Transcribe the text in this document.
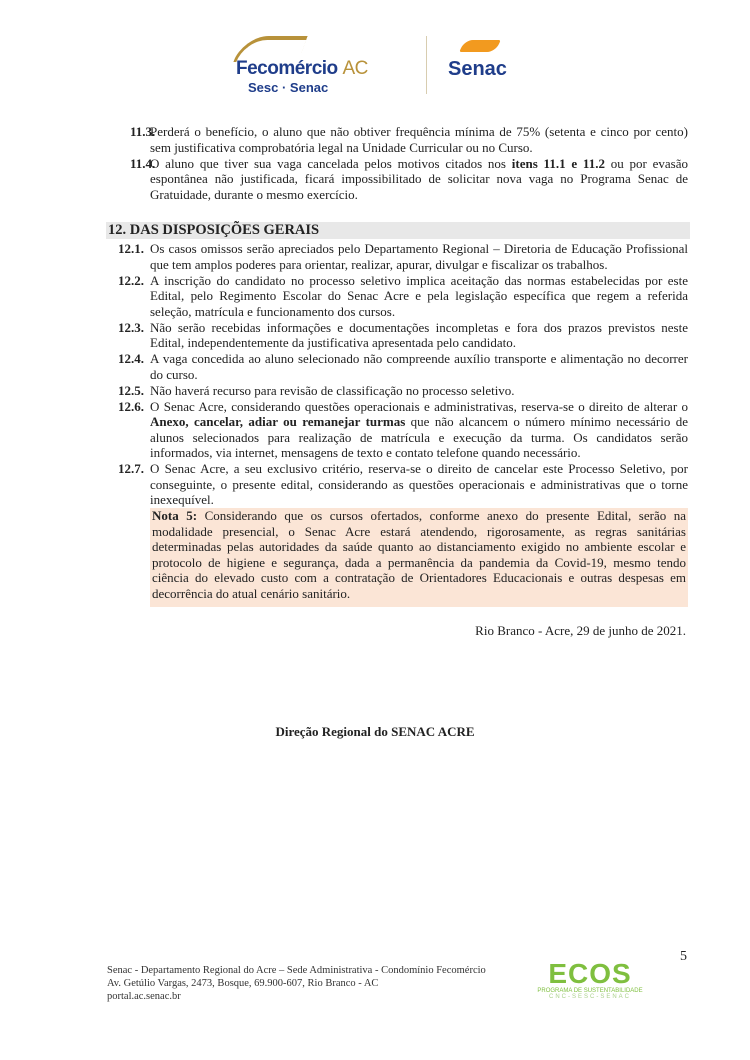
Fecomércio AC
Sesc · Senac
Senac
11.3.
Perderá o benefício, o aluno que não obtiver frequência mínima de 75% (setenta e cinco por cento) sem justificativa comprobatória legal na Unidade Curricular ou no Curso.
11.4.
O aluno que tiver sua vaga cancelada pelos motivos citados nos itens 11.1 e 11.2 ou por evasão espontânea não justificada, ficará impossibilitado de solicitar nova vaga no Programa Senac de Gratuidade, durante o mesmo exercício.
12. DAS DISPOSIÇÕES GERAIS
12.1. Os casos omissos serão apreciados pelo Departamento Regional – Diretoria de Educação Profissional que tem amplos poderes para orientar, realizar, apurar, divulgar e fiscalizar os trabalhos.
12.2. A inscrição do candidato no processo seletivo implica aceitação das normas estabelecidas por este Edital, pelo Regimento Escolar do Senac Acre e pela legislação específica que regem a referida seleção, matrícula e funcionamento dos cursos.
12.3. Não serão recebidas informações e documentações incompletas e fora dos prazos previstos neste Edital, independentemente da justificativa apresentada pelo candidato.
12.4. A vaga concedida ao aluno selecionado não compreende auxílio transporte e alimentação no decorrer do curso.
12.5. Não haverá recurso para revisão de classificação no processo seletivo.
12.6. O Senac Acre, considerando questões operacionais e administrativas, reserva-se o direito de alterar o Anexo, cancelar, adiar ou remanejar turmas que não alcancem o número mínimo necessário de alunos selecionados para realização de matrícula e execução da turma. Os candidatos serão informados, via internet, mensagens de texto e contato telefone quando necessário.
12.7. O Senac Acre, a seu exclusivo critério, reserva-se o direito de cancelar este Processo Seletivo, por conseguinte, o presente edital, considerando as questões operacionais e administrativas que o torne inexequível.
Nota 5: Considerando que os cursos ofertados, conforme anexo do presente Edital, serão na modalidade presencial, o Senac Acre estará atendendo, rigorosamente, as regras sanitárias determinadas pelas autoridades da saúde quanto ao distanciamento exigido no ambiente escolar e protocolo de higiene e segurança, dada a permanência da pandemia da Covid-19, mesmo tendo ciência do elevado custo com a contratação de Orientadores Educacionais e outras despesas em decorrência do atual cenário sanitário.
Rio Branco - Acre, 29 de junho de 2021.
Direção Regional do SENAC ACRE
5
Senac - Departamento Regional do Acre – Sede Administrativa - Condomínio Fecomércio
Av. Getúlio Vargas, 2473, Bosque, 69.900-607, Rio Branco - AC
portal.ac.senac.br
ECOS
PROGRAMA DE SUSTENTABILIDADE
CNC-SESC-SENAC
